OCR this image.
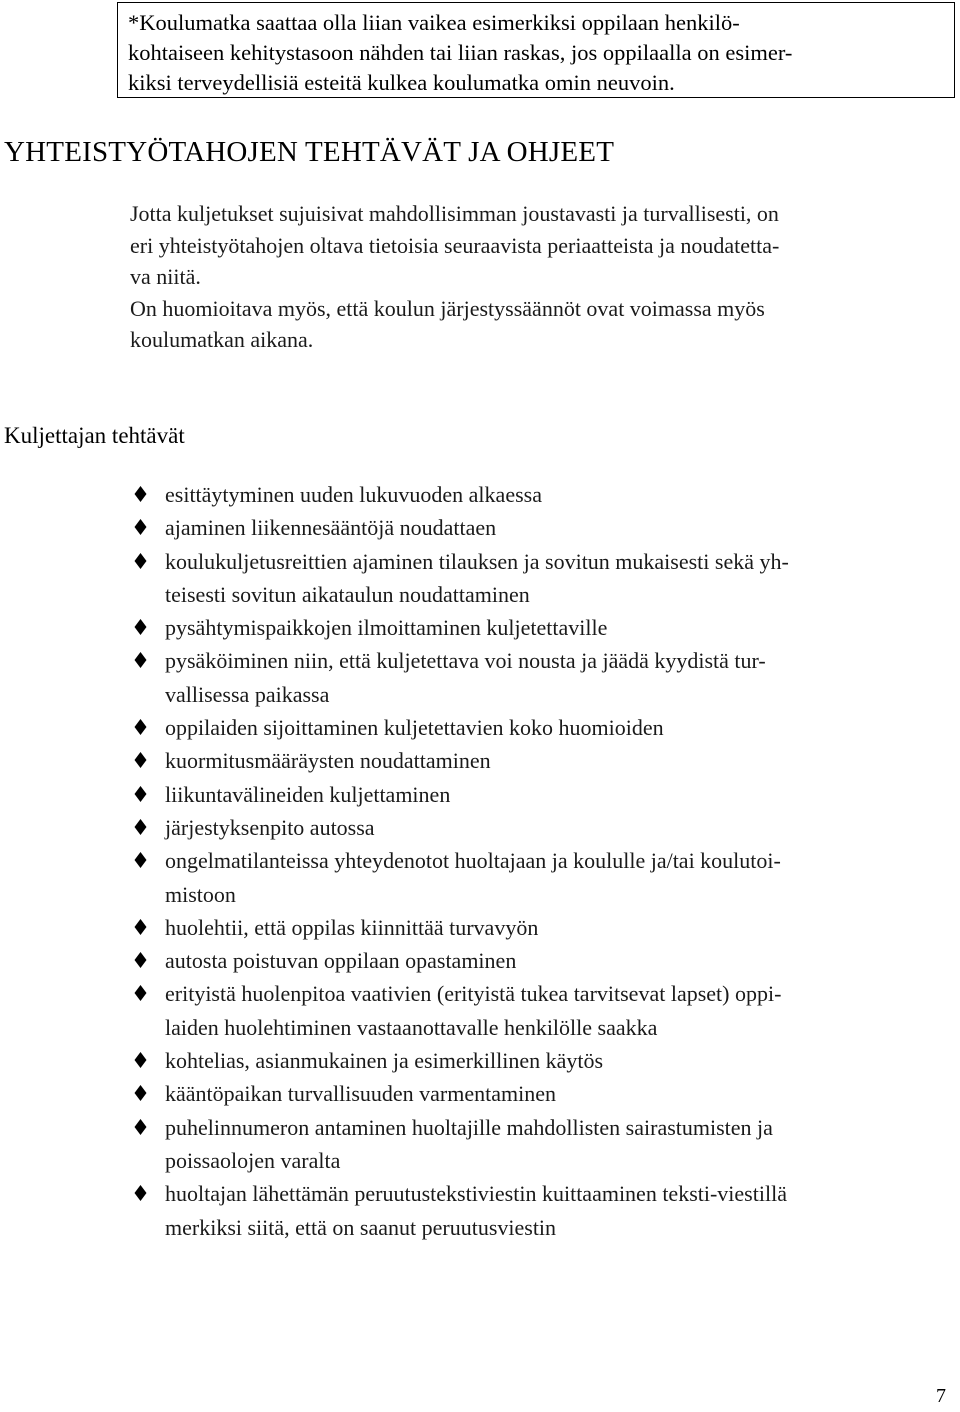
*Koulumatka saattaa olla liian vaikea esimerkiksi oppilaan henkilö-
kohtaiseen kehitystasoon nähden tai liian raskas, jos oppilaalla on esimer-
kiksi terveydellisiä esteitä kulkea koulumatka omin neuvoin.
YHTEISTYÖTAHOJEN TEHTÄVÄT JA OHJEET
Jotta kuljetukset sujuisivat mahdollisimman joustavasti ja turvallisesti, on
eri yhteistyötahojen oltava tietoisia seuraavista periaatteista ja noudatetta-
va niitä.
On huomioitava myös, että koulun järjestyssäännöt ovat voimassa myös
koulumatkan aikana.
Kuljettajan tehtävät
esittäytyminen uuden lukuvuoden alkaessa
ajaminen liikennesääntöjä noudattaen
koulukuljetusreittien ajaminen tilauksen ja sovitun mukaisesti sekä yh-
teisesti sovitun aikataulun noudattaminen
pysähtymispaikkojen ilmoittaminen kuljetettaville
pysäköiminen niin, että kuljetettava voi nousta ja jäädä kyydistä tur-
vallisessa paikassa
oppilaiden sijoittaminen kuljetettavien koko huomioiden
kuormitusmääräysten noudattaminen
liikuntavälineiden kuljettaminen
järjestyksenpito autossa
ongelmatilanteissa yhteydenotot huoltajaan ja koululle ja/tai koulutoi-
mistoon
huolehtii, että oppilas kiinnittää turvavyön
autosta poistuvan oppilaan opastaminen
erityistä huolenpitoa vaativien (erityistä tukea tarvitsevat lapset) oppi-
laiden huolehtiminen vastaanottavalle henkilölle saakka
kohtelias, asianmukainen ja esimerkillinen käytös
kääntöpaikan turvallisuuden varmentaminen
puhelinnumeron antaminen huoltajille mahdollisten sairastumisten ja
poissaolojen varalta
huoltajan lähettämän peruutustekstiviestin kuittaaminen teksti-viestillä
merkiksi siitä, että on saanut peruutusviestin
7
